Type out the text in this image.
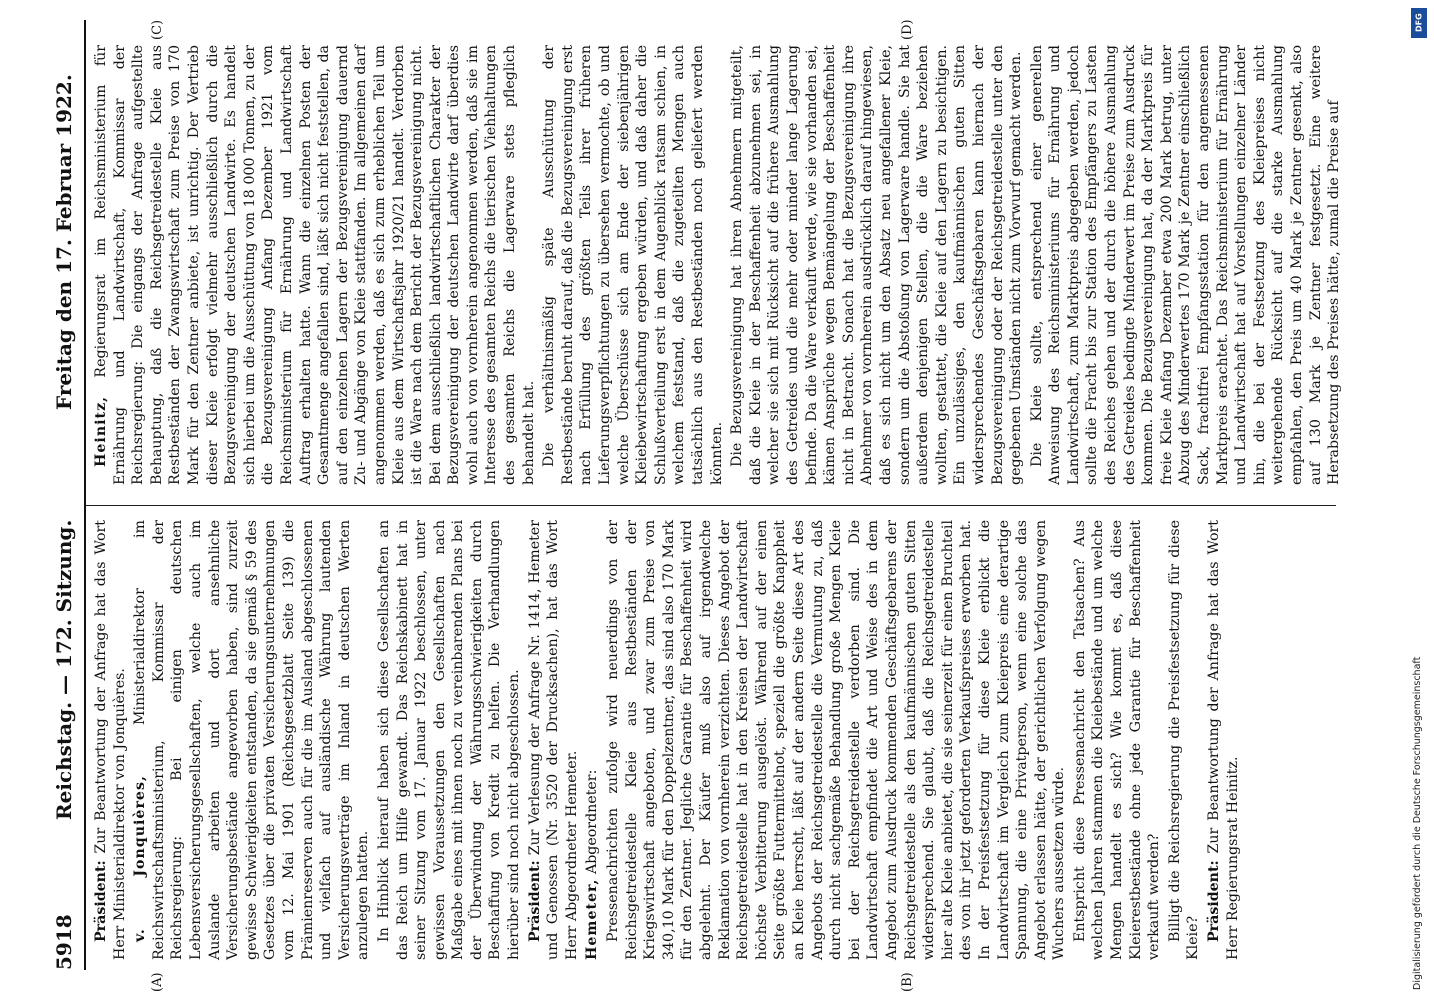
5918
Reichstag. — 172. Sitzung.
Freitag den 17. Februar 1922.
(A)	(B)
(C)	(D)

Präsident: Zur Beantwortung der Anfrage hat das Wort Herr Ministerialdirektor von Jonquières. v. Jonquières, Ministerialdirektor im Reichswirtschaftsministerium, Kommissar der Reichsregierung: Bei einigen deutschen Lebensversicherungsgesellschaften, welche auch im Auslande arbeiten und dort ansehnliche Versicherungsbestände angeworben haben, sind zurzeit gewisse Schwierigkeiten entstanden, da sie gemäß § 59 des Gesetzes über die privaten Versicherungsunternehmungen vom 12. Mai 1901 (Reichsgesetzblatt Seite 139) die Prämienreserven auch für die im Ausland abgeschlossenen und vielfach auf ausländische Währung lautenden Versicherungsverträge im Inland in deutschen Werten anzulegen hatten. In Hinblick hierauf haben sich diese Gesellschaften an das Reich um Hilfe gewandt. Das Reichskabinett hat in seiner Sitzung vom 17. Januar 1922 beschlossen, unter gewissen Voraussetzungen den Gesellschaften nach Maßgabe eines mit ihnen noch zu vereinbarenden Plans bei der Überwindung der Währungsschwierigkeiten durch Beschaffung von Kredit zu helfen. Die Verhandlungen hierüber sind noch nicht abgeschlossen. Präsident: Zur Verlesung der Anfrage Nr. 1414, Hemeter und Genossen (Nr. 3520 der Drucksachen), hat das Wort Herr Abgeordneter Hemeter. Hemeter, Abgeordneter: Pressenachrichten zufolge wird neuerdings von der Reichsgetreidestelle Kleie aus Restbeständen der Kriegswirtschaft angeboten, und zwar zum Preise von 340,10 Mark für den Doppelzentner, das sind also 170 Mark für den Zentner. Jegliche Garantie für Beschaffenheit wird abgelehnt. Der Käufer muß also auf irgendwelche Reklamation von vornherein verzichten. Dieses Angebot der Reichsgetreidestelle hat in den Kreisen der Landwirtschaft höchste Verbitterung ausgelöst. Während auf der einen Seite größte Futtermittelnot, speziell die größte Knappheit an Kleie herrscht, läßt auf der andern Seite diese Art des Angebots der Reichsgetreidestelle die Vermutung zu, daß durch nicht sachgemäße Behandlung große Mengen Kleie bei der Reichsgetreidestelle verdorben sind. Die Landwirtschaft empfindet die Art und Weise des in dem Angebot zum Ausdruck kommenden Geschäftsgebarens der Reichsgetreidestelle als den kaufmännischen guten Sitten widersprechend. Sie glaubt, daß die Reichsgetreidestelle hier alte Kleie anbietet, die sie seinerzeit für einen Bruchteil des von ihr jetzt geforderten Verkaufspreises erworben hat. In der Preisfestsetzung für diese Kleie erblickt die Landwirtschaft im Vergleich zum Kleiepreis eine derartige Spannung, die eine Privatperson, wenn eine solche das Angebot erlassen hätte, der gerichtlichen Verfolgung wegen Wuchers aussetzen würde. Entspricht diese Pressenachricht den Tatsachen? Aus welchen Jahren stammen die Kleiebestände und um welche Mengen handelt es sich? Wie kommt es, daß diese Kleierestbestände ohne jede Garantie für Beschaffenheit verkauft werden? Billigt die Reichsregierung die Preisfestsetzung für diese Kleie? Präsident: Zur Beantwortung der Anfrage hat das Wort Herr Regierungsrat Heinitz.

Heinitz, Regierungsrat im Reichsministerium für Ernährung und Landwirtschaft, Kommissar der Reichsregierung: Die eingangs der Anfrage aufgestellte Behauptung, daß die Reichsgetreidestelle Kleie aus Restbeständen der Zwangswirtschaft zum Preise von 170 Mark für den Zentner anbiete, ist unrichtig. Der Vertrieb dieser Kleie erfolgt vielmehr ausschließlich durch die Bezugsvereinigung der deutschen Landwirte. Es handelt sich hierbei um die Ausschüttung von 18 000 Tonnen, zu der die Bezugsvereinigung Anfang Dezember 1921 vom Reichsministerium für Ernährung und Landwirtschaft Auftrag erhalten hatte. Wann die einzelnen Posten der Gesamtmenge angefallen sind, läßt sich nicht feststellen, da auf den einzelnen Lagern der Bezugsvereinigung dauernd Zu- und Abgänge von Kleie stattfanden. Im allgemeinen darf angenommen werden, daß es sich zum erheblichen Teil um Kleie aus dem Wirtschaftsjahr 1920/21 handelt. Verdorben ist die Ware nach dem Bericht der Bezugsvereinigung nicht. Bei dem ausschließlich landwirtschaftlichen Charakter der Bezugsvereinigung der deutschen Landwirte darf überdies wohl auch von vornherein angenommen werden, daß sie im Interesse des gesamten Reichs die tierischen Viehhaltungen des gesamten Reichs die Lagerware stets pfleglich behandelt hat. Die verhältnismäßig späte Ausschüttung der Restbestände beruht darauf, daß die Bezugsvereinigung erst nach Erfüllung des größten Teils ihrer früheren Lieferungsverpflichtungen zu übersehen vermochte, ob und welche Überschüsse sich am Ende der siebenjährigen Kleiebewirtschaftung ergeben würden, und daß daher die Schlußverteilung erst in dem Augenblick ratsam schien, in welchem feststand, daß die zugeteilten Mengen auch tatsächlich aus den Restbeständen noch geliefert werden könnten. Die Bezugsvereinigung hat ihren Abnehmern mitgeteilt, daß die Kleie in der Beschaffenheit abzunehmen sei, in welcher sie sich mit Rücksicht auf die frühere Ausmahlung des Getreides und die mehr oder minder lange Lagerung befinde. Da die Ware verkauft werde, wie sie vorhanden sei, kämen Ansprüche wegen Bemängelung der Beschaffenheit nicht in Betracht. Sonach hat die Bezugsvereinigung ihre Abnehmer von vornherein ausdrücklich darauf hingewiesen, daß es sich nicht um den Absatz neu angefallener Kleie, sondern um die Abstoßung von Lagerware handle. Sie hat außerdem denjenigen Stellen, die die Ware beziehen wollten, gestattet, die Kleie auf den Lagern zu besichtigen. Ein unzulässiges, den kaufmännischen guten Sitten widersprechendes Geschäftsgebaren kann hiernach der Bezugsvereinigung oder der Reichsgetreidestelle unter den gegebenen Umständen nicht zum Vorwurf gemacht werden. Die Kleie sollte, entsprechend einer generellen Anweisung des Reichsministeriums für Ernährung und Landwirtschaft, zum Marktpreis abgegeben werden, jedoch sollte die Fracht bis zur Station des Empfängers zu Lasten des Reiches gehen und der durch die höhere Ausmahlung des Getreides bedingte Minderwert im Preise zum Ausdruck kommen. Die Bezugsvereinigung hat, da der Marktpreis für freie Kleie Anfang Dezember etwa 200 Mark betrug, unter Abzug des Minderwertes 170 Mark je Zentner einschließlich Sack, frachtfrei Empfangsstation für den angemessenen Marktpreis erachtet. Das Reichsministerium für Ernährung und Landwirtschaft hat auf Vorstellungen einzelner Länder hin, die bei der Festsetzung des Kleiepreises nicht weitergehende Rücksicht auf die starke Ausmahlung empfahlen, den Preis um 40 Mark je Zentner gesenkt, also auf 130 Mark je Zentner festgesetzt. Eine weitere Herabsetzung des Preises hätte, zumal die Preise auf

DFG
Digitalisierung gefördert durch die Deutsche Forschungsgemeinschaft
